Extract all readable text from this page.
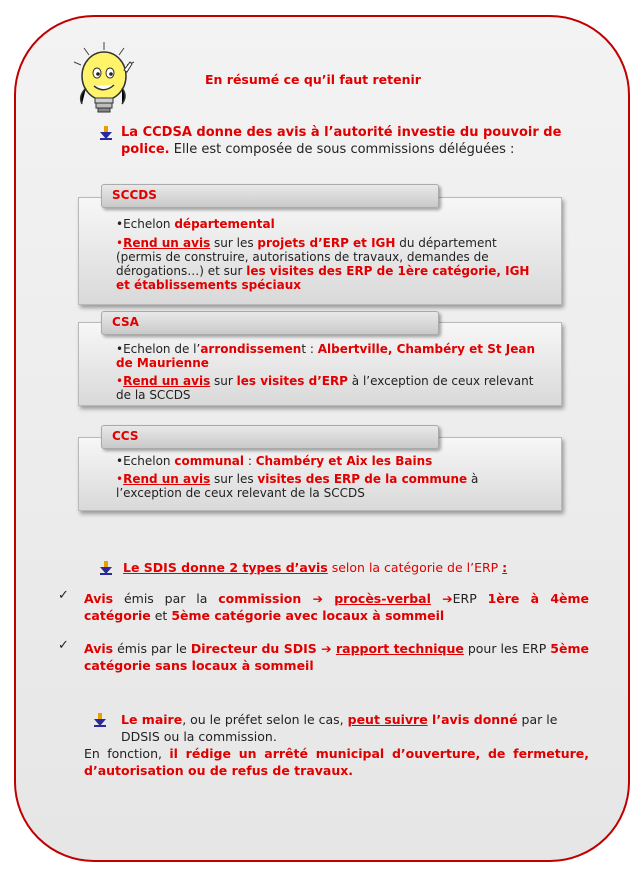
En résumé ce qu’il faut retenir
La CCDSA donne des avis à l’autorité investie du pouvoir de police. Elle est composée de sous commissions déléguées :
SCCDS
•Echelon départemental
•Rend un avis sur les projets d’ERP et IGH du département (permis de construire, autorisations de travaux, demandes de dérogations…) et sur les visites des ERP de 1ère catégorie, IGH et établissements spéciaux
CSA
•Echelon de l’arrondissement : Albertville, Chambéry et St Jean de Maurienne
•Rend un avis sur les visites d’ERP à l’exception de ceux relevant de la SCCDS
CCS
•Echelon communal : Chambéry et Aix les Bains
•Rend un avis sur les visites des ERP de la commune à l’exception de ceux relevant de la SCCDS
Le SDIS donne 2 types d’avis selon la catégorie de l’ERP :
✓ Avis émis par la commission ➔ procès-verbal ➔ERP 1ère à 4ème catégorie et 5ème catégorie avec locaux à sommeil
✓ Avis émis par le Directeur du SDIS ➔ rapport technique pour les ERP 5ème catégorie sans locaux à sommeil
Le maire, ou le préfet selon le cas, peut suivre l’avis donné par le DDSIS ou la commission.
En fonction, il rédige un arrêté municipal d’ouverture, de fermeture, d’autorisation ou de refus de travaux.
